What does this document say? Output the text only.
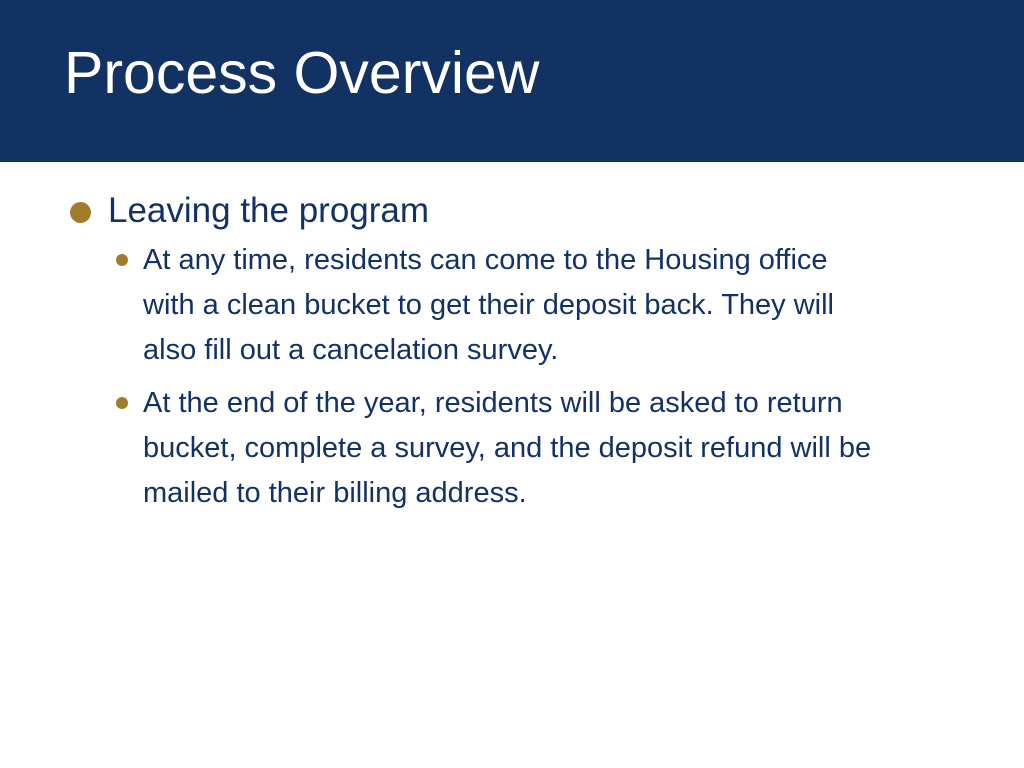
Process Overview
Leaving the program
At any time, residents can come to the Housing office with a clean bucket to get their deposit back. They will also fill out a cancelation survey.
At the end of the year, residents will be asked to return bucket, complete a survey, and the deposit refund will be mailed to their billing address.
